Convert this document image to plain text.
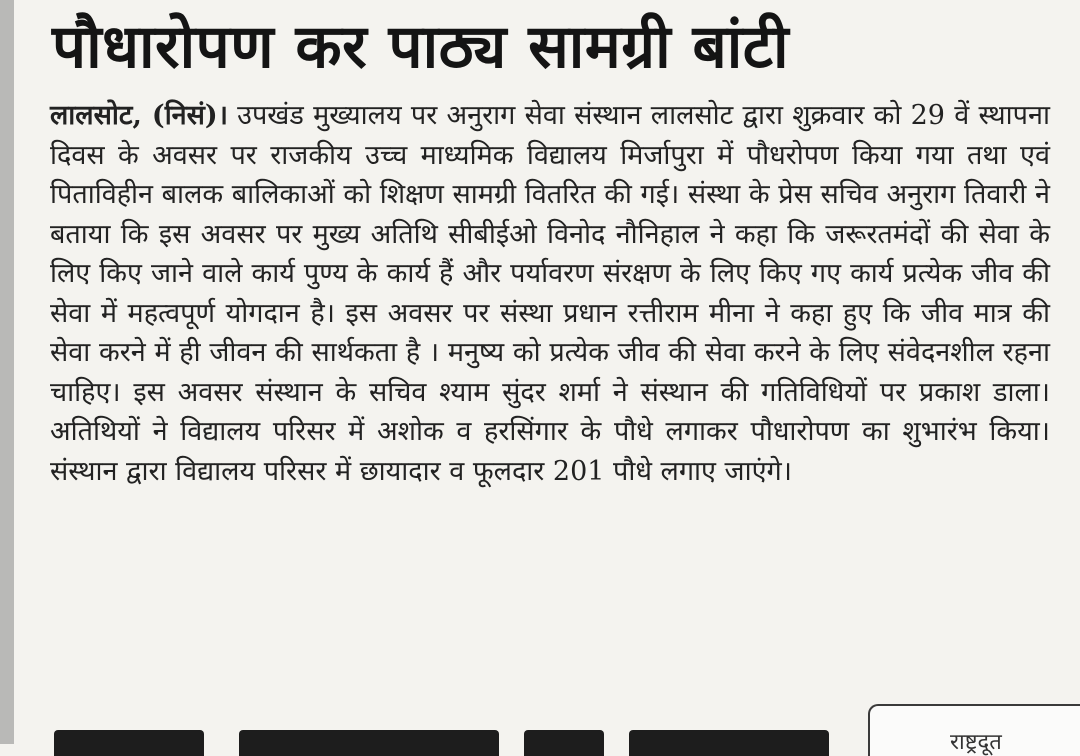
पौधारोपण कर पाठ्य सामग्री बांटी

लालसोट, (निसं)। उपखंड मुख्यालय पर अनुराग सेवा संस्थान लालसोट द्वारा शुक्रवार को 29 वें स्थापना दिवस के अवसर पर राजकीय उच्च माध्यमिक विद्यालय मिर्जापुरा में पौधरोपण किया गया तथा एवं पिताविहीन बालक बालिकाओं को शिक्षण सामग्री वितरित की गई। संस्था के प्रेस सचिव अनुराग तिवारी ने बताया कि इस अवसर पर मुख्य अतिथि सीबीईओ विनोद नौनिहाल ने कहा कि जरूरतमंदों की सेवा के लिए किए जाने वाले कार्य पुण्य के कार्य हैं और पर्यावरण संरक्षण के लिए किए गए कार्य प्रत्येक जीव की सेवा में महत्वपूर्ण योगदान है। इस अवसर पर संस्था प्रधान रत्तीराम मीना ने कहा हुए कि जीव मात्र की सेवा करने में ही जीवन की सार्थकता है । मनुष्य को प्रत्येक जीव की सेवा करने के लिए संवेदनशील रहना चाहिए। इस अवसर संस्थान के सचिव श्याम सुंदर शर्मा ने संस्थान की गतिविधियों पर प्रकाश डाला। अतिथियों ने विद्यालय परिसर में अशोक व हरसिंगार के पौधे लगाकर पौधारोपण का शुभारंभ किया। संस्थान द्वारा विद्यालय परिसर में छायादार व फूलदार 201 पौधे लगाए जाएंगे।

राष्ट्रदूत
